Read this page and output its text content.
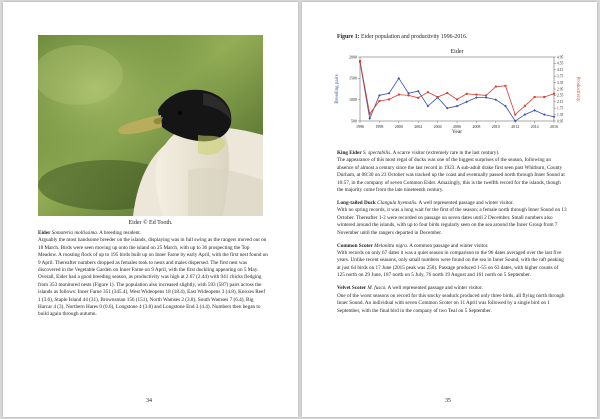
Eider © Ed Tooth.

Eider Somateria mollissima. A breeding resident.

Arguably the most handsome breeder on the islands, displaying was in full swing as the rangers moved out on 18 March. Birds were seen moving up onto the island on 25 March, with up to 36 prospecting the Top Meadow. A roosting flock of up to 195 birds built up on Inner Farne by early April, with the first nest found on 9 April. Thereafter numbers dropped as females took to nests and males dispersed. The first nest was discovered in the Vegetable Garden on Inner Farne on 9 April, with the first duckling appearing on 5 May. Overall, Eider had a good breeding season, as productivity was high at 2.67 (2.44) with 941 chicks fledging from 353 monitored nests (Figure 1). The population also increased slightly, with 593 (587) pairs across the islands as follows: Inner Farne 351 (345.4), West Wideopens 18 (18.4), East Wideopens 3 (4.8), Knoxes Reef 1 (3.6), Staple Island 44 (31), Brownsman 156 (151), North Wamses 2 (3.8), South Wamses 7 (6.4), Big Harcar 4 (3), Northern Hares 0 (0.6), Longstone 4 (3.8) and Longstone End 3 (4.4). Numbers then began to build again through autumn.

34
Figure 1: Eider population and productivity 1996-2016.
Eider
Year
Breeding pairs	Productivity
1996	1998	2000	2002	2004	2006	2008	2010	2012	2014	2016
500
1000
1500
2000
0.95
1.35
1.75
2.15
2.55
2.95
3.35
3.75
4.15
4.55
4.95

King Eider S. spectabilis. A scarce visitor (extremely rare in the last century).

The appearance of this most regal of ducks was one of the biggest surprises of the season, following an absence of almost a century since the last record in 1923. A sub-adult drake first seen past Whitburn, County Durham, at 08:30 on 23 October was tracked up the coast and eventually passed north through Inner Sound at 10:57, in the company of seven Common Eider. Amazingly, this is the twelfth record for the islands, though the majority come from the late nineteenth century.

Long-tailed Duck Clangula hyemalis. A well represented passage and winter visitor.

With no spring records, it was a long wait for the first of the season; a female north through Inner Sound on 13 October. Thereafter 1-2 were recorded on passage on seven dates until 2 December. Small numbers also wintered around the islands, with up to four birds regularly seen on the sea around the Inner Group from 7 November until the rangers departed in December.

Common Scoter Melanitta nigra. A common passage and winter visitor.

With records on only 67 dates it was a quiet season in comparison to the 96 dates averaged over the last five years. Unlike recent seasons, only small numbers were found on the sea in Inner Sound, with the raft peaking at just 64 birds on 17 June (2015 peak was 250). Passage produced 1-55 on 63 dates, with higher counts of 125 north on 29 June, 187 north on 5 July, 76 north 19 August and 161 north on 5 September.

Velvet Scoter M. fusca. A well represented passage and winter visitor.

One of the worst seasons on record for this stocky seaduck produced only three birds, all flying north through Inner Sound. An individual with seven Common Scoter on 11 April was followed by a single bird on 1 September, with the final bird in the company of two Teal on 5 September.

35
